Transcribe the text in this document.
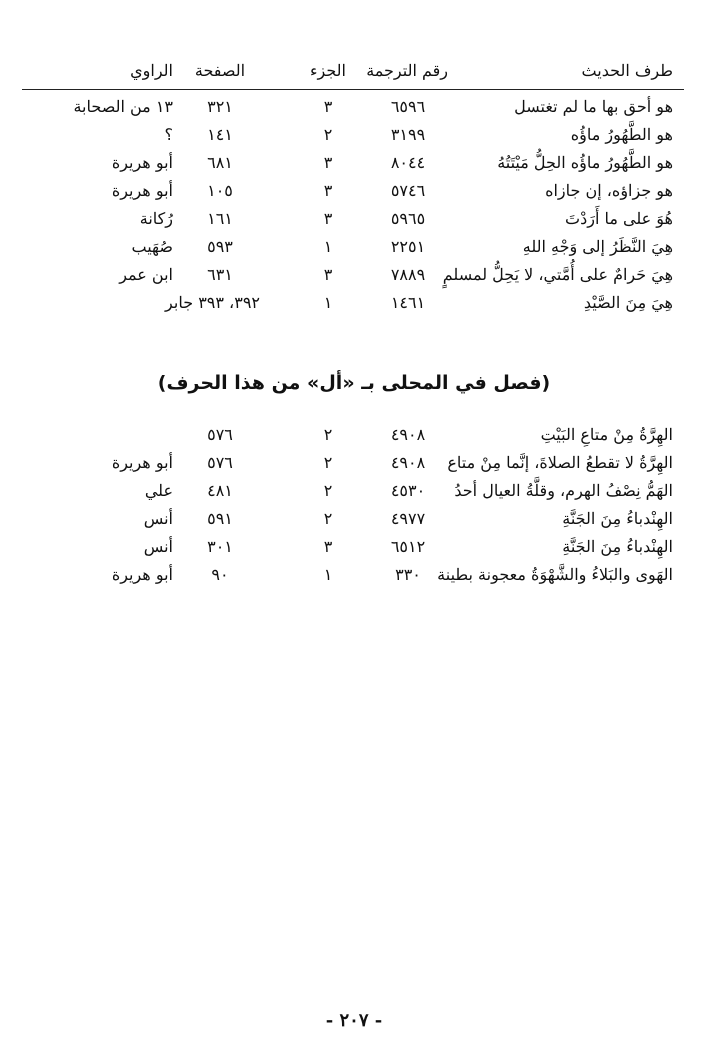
طرف الحديث
رقم الترجمة
الجزء
الصفحة
الراوي
هو أحق بها ما لم تغتسل
٦٥٩٦
٣
٣٢١
١٣ من الصحابة
هو الطَّهُورُ ماؤُه
٣١٩٩
٢
١٤١
؟
هو الطَّهُورُ ماؤُه الحِلُّ مَيْتَتُهُ
٨٠٤٤
٣
٦٨١
أبو هريرة
هو جزاؤه، إن جازاه
٥٧٤٦
٣
١٠٥
أبو هريرة
هُوَ على ما أَرَدْتَ
٥٩٦٥
٣
١٦١
رُكانة
هِيَ النَّظَرُ إلى وَجْهِ اللهِ
٢٢٥١
١
٥٩٣
صُهَيب
هِيَ حَرامٌ على أُمَّتي، لا يَحِلُّ لمسلمٍ
٧٨٨٩
٣
٦٣١
ابن عمر
هِيَ مِنَ الصَّيْدِ
١٤٦١
١
٣٩٢، ٣٩٣ جابر
(فصل في المحلى بـ «أل» من هذا الحرف)
الهِرَّةُ مِنْ متاعِ البَيْتِ
٤٩٠٨
٢
٥٧٦
الهِرَّةُ لا تقطعُ الصلاةَ، إنَّما مِنْ متاع
٤٩٠٨
٢
٥٧٦
أبو هريرة
الهَمُّ نِصْفُ الهرم، وقلَّةُ العيال أحدُ
٤٥٣٠
٢
٤٨١
علي
الهِنْدباءُ مِنَ الجَنَّةِ
٤٩٧٧
٢
٥٩١
أنس
الهِنْدباءُ مِنَ الجَنَّةِ
٦٥١٢
٣
٣٠١
أنس
الهَوى والبَلاءُ والشَّهْوَةُ معجونة بطينة
٣٣٠
١
٩٠
أبو هريرة
- ٢٠٧ -
